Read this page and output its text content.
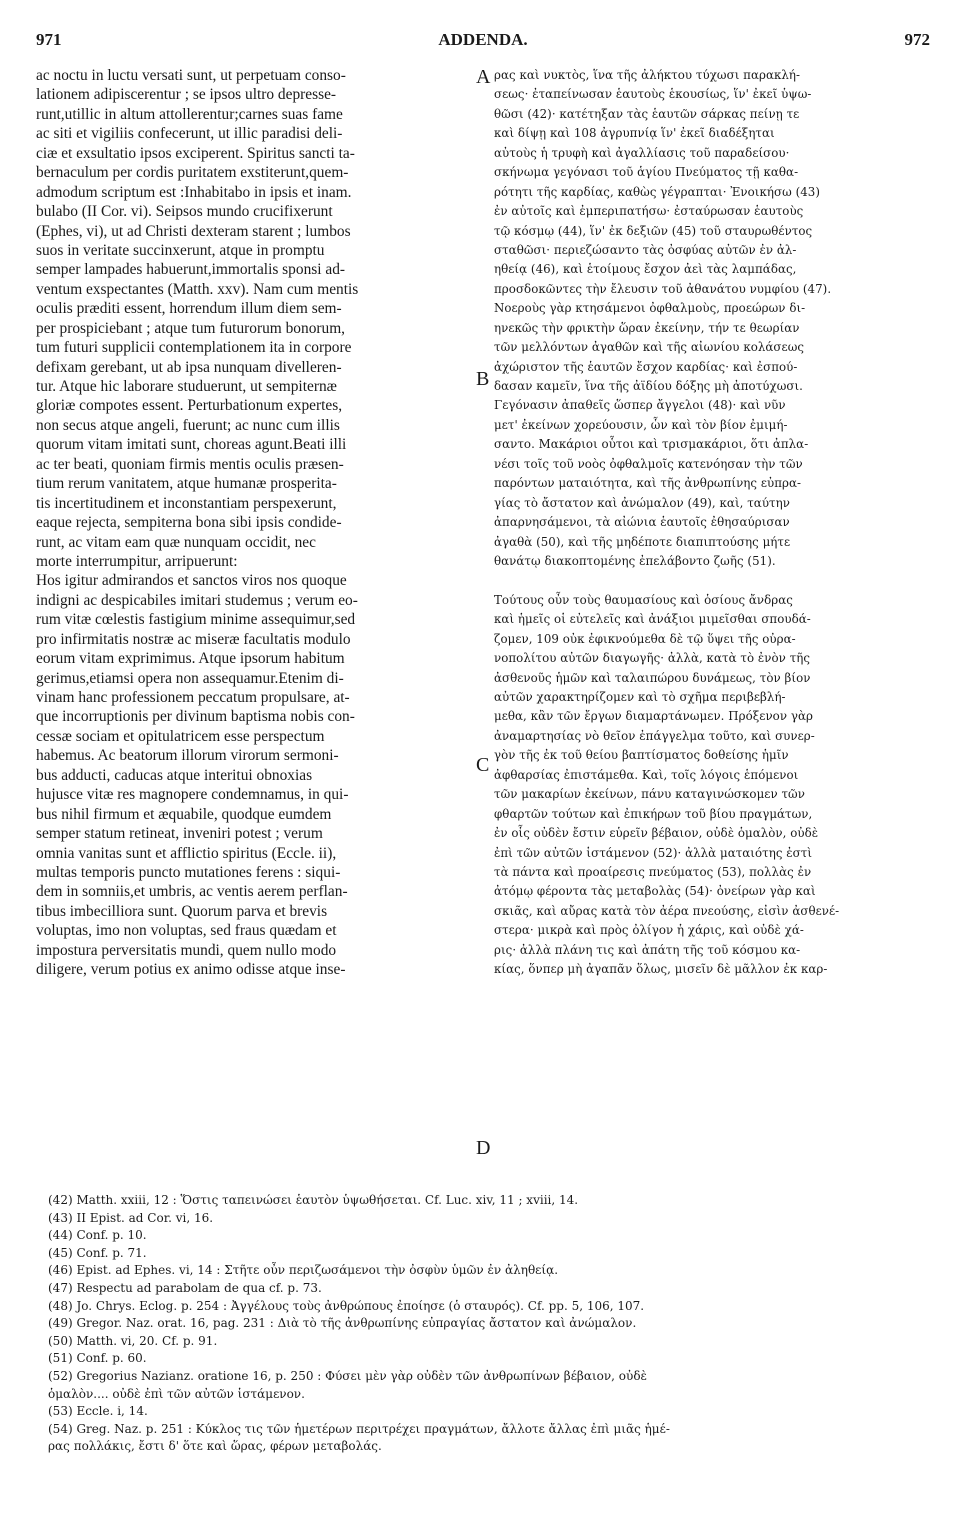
971	ADDENDA.	972
A
B
C
D
ac noctu in luctu versati sunt, ut perpetuam conso-
lationem adipiscerentur ; se ipsos ultro depresse-
runt,utillic in altum attollerentur;carnes suas fame
ac siti et vigiliis confecerunt, ut illic paradisi deli-
ciæ et exsultatio ipsos exciperent. Spiritus sancti ta-
bernaculum per cordis puritatem exstiterunt,quem-
admodum scriptum est :Inhabitabo in ipsis et inam.
bulabo (II Cor. vi). Seipsos mundo crucifixerunt
(Ephes, vi), ut ad Christi dexteram starent ; lumbos
suos in veritate succinxerunt, atque in promptu
semper lampades habuerunt,immortalis sponsi ad-
ventum exspectantes (Matth. xxv). Nam cum mentis
oculis præditi essent, horrendum illum diem sem-
per prospiciebant ; atque tum futurorum bonorum,
tum futuri supplicii contemplationem ita in corpore
defixam gerebant, ut ab ipsa nunquam divelleren-
tur. Atque hic laborare studuerunt, ut sempiternæ
gloriæ compotes essent. Perturbationum expertes,
non secus atque angeli, fuerunt; ac nunc cum illis
quorum vitam imitati sunt, choreas agunt.Beati illi
ac ter beati, quoniam firmis mentis oculis præsen-
tium rerum vanitatem, atque humanæ prosperita-
tis incertitudinem et inconstantiam perspexerunt,
eaque rejecta, sempiterna bona sibi ipsis condide-
runt, ac vitam eam quæ nunquam occidit, nec
morte interrumpitur, arripuerunt:
Hos igitur admirandos et sanctos viros nos quoque
indigni ac despicabiles imitari studemus ; verum eo-
rum vitæ cœlestis fastigium minime assequimur,sed
pro infirmitatis nostræ ac miseræ facultatis modulo
eorum vitam exprimimus. Atque ipsorum habitum
gerimus,etiamsi opera non assequamur.Etenim di-
vinam hanc professionem peccatum propulsare, at-
que incorruptionis per divinum baptisma nobis con-
cessæ sociam et opitulatricem esse perspectum
habemus. Ac beatorum illorum virorum sermoni-
bus adducti, caducas atque interitui obnoxias
hujusce vitæ res magnopere condemnamus, in qui-
bus nihil firmum et æquabile, quodque eumdem
semper statum retineat, inveniri potest ; verum
omnia vanitas sunt et afflictio spiritus (Eccle. ii),
multas temporis puncto mutationes ferens : siqui-
dem in somniis,et umbris, ac ventis aerem perflan-
tibus imbecilliora sunt. Quorum parva et brevis
voluptas, imo non voluptas, sed fraus quædam et
impostura perversitatis mundi, quem nullo modo
diligere, verum potius ex animo odisse atque inse-
ρας καὶ νυκτὸς, ἵνα τῆς ἀλήκτου τύχωσι παρακλή-
σεως· ἐταπείνωσαν ἑαυτοὺς ἑκουσίως, ἵν' ἐκεῖ ὑψω-
θῶσι (42)· κατέτηξαν τὰς ἑαυτῶν σάρκας πείνῃ τε
καὶ δίψῃ καὶ 108 ἀγρυπνίᾳ ἵν' ἐκεῖ διαδέξηται
αὐτοὺς ἡ τρυφὴ καὶ ἀγαλλίασις τοῦ παραδείσου·
σκήνωμα γεγόνασι τοῦ ἁγίου Πνεύματος τῇ καθα-
ρότητι τῆς καρδίας, καθὼς γέγραπται· Ἐνοικήσω (43)
ἐν αὐτοῖς καὶ ἐμπεριπατήσω· ἐσταύρωσαν ἑαυτοὺς
τῷ κόσμῳ (44), ἵν' ἐκ δεξιῶν (45) τοῦ σταυρωθέντος
σταθῶσι· περιεζώσαντο τὰς ὀσφύας αὐτῶν ἐν ἀλ-
ηθείᾳ (46), καὶ ἑτοίμους ἔσχον ἀεὶ τὰς λαμπάδας,
προσδοκῶντες τὴν ἔλευσιν τοῦ ἀθανάτου νυμφίου (47).
Νοεροὺς γὰρ κτησάμενοι ὀφθαλμοὺς, προεώρων δι-
ηνεκῶς τὴν φρικτὴν ὥραν ἐκείνην, τήν τε θεωρίαν
τῶν μελλόντων ἀγαθῶν καὶ τῆς αἰωνίου κολάσεως
ἀχώριστον τῆς ἑαυτῶν ἔσχον καρδίας· καὶ ἐσπού-
δασαν καμεῖν, ἵνα τῆς ἀϊδίου δόξης μὴ ἀποτύχωσι.
Γεγόνασιν ἀπαθεῖς ὥσπερ ἄγγελοι (48)· καὶ νῦν
μετ' ἐκείνων χορεύουσιν, ὧν καὶ τὸν βίον ἐμιμή-
σαντο. Μακάριοι οὗτοι καὶ τρισμακάριοι, ὅτι ἀπλα-
νέσι τοῖς τοῦ νοὸς ὀφθαλμοῖς κατενόησαν τὴν τῶν
παρόντων ματαιότητα, καὶ τῆς ἀνθρωπίνης εὐπρα-
γίας τὸ ἄστατον καὶ ἀνώμαλον (49), καὶ, ταύτην
ἀπαρνησάμενοι, τὰ αἰώνια ἑαυτοῖς ἐθησαύρισαν
ἀγαθὰ (50), καὶ τῆς μηδέποτε διαπιπτούσης μήτε
θανάτῳ διακοπτομένης ἐπελάβοντο ζωῆς (51).
Τούτους οὖν τοὺς θαυμασίους καὶ ὁσίους ἄνδρας
καὶ ἡμεῖς οἱ εὐτελεῖς καὶ ἀνάξιοι μιμεῖσθαι σπουδά-
ζομεν, 109 οὐκ ἐφικνούμεθα δὲ τῷ ὕψει τῆς οὐρα-
νοπολίτου αὐτῶν διαγωγῆς· ἀλλὰ, κατὰ τὸ ἐνὸν τῆς
ἀσθενοῦς ἡμῶν καὶ ταλαιπώρου δυνάμεως, τὸν βίον
αὐτῶν χαρακτηρίζομεν καὶ τὸ σχῆμα περιβεβλή-
μεθα, κἂν τῶν ἔργων διαμαρτάνωμεν. Πρόξενον γὰρ
ἀναμαρτησίας νὸ θεῖον ἐπάγγελμα τοῦτο, καὶ συνερ-
γὸν τῆς ἐκ τοῦ θείου βαπτίσματος δοθείσης ἡμῖν
ἀφθαρσίας ἐπιστάμεθα. Καὶ, τοῖς λόγοις ἑπόμενοι
τῶν μακαρίων ἐκείνων, πάνυ καταγινώσκομεν τῶν
φθαρτῶν τούτων καὶ ἐπικήρων τοῦ βίου πραγμάτων,
ἐν οἷς οὐδὲν ἔστιν εὑρεῖν βέβαιον, οὐδὲ ὁμαλὸν, οὐδὲ
ἐπὶ τῶν αὐτῶν ἱστάμενον (52)· ἀλλὰ ματαιότης ἐστὶ
τὰ πάντα καὶ προαίρεσις πνεύματος (53), πολλὰς ἐν
ἀτόμῳ φέροντα τὰς μεταβολὰς (54)· ὀνείρων γὰρ καὶ
σκιᾶς, καὶ αὔρας κατὰ τὸν ἀέρα πνεούσης, εἰσὶν ἀσθενέ-
στερα· μικρὰ καὶ πρὸς ὀλίγον ἡ χάρις, καὶ οὐδὲ χά-
ρις· ἀλλὰ πλάνη τις καὶ ἀπάτη τῆς τοῦ κόσμου κα-
κίας, ὅνπερ μὴ ἀγαπᾶν ὅλως, μισεῖν δὲ μᾶλλον ἐκ καρ-
(42) Matth. xxiii, 12 : Ὅστις ταπεινώσει ἑαυτὸν ὑψωθήσεται. Cf. Luc. xiv, 11 ; xviii, 14.
(43) II Epist. ad Cor. vi, 16.
(44) Conf. p. 10.
(45) Conf. p. 71.
(46) Epist. ad Ephes. vi, 14 : Στῆτε οὖν περιζωσάμενοι τὴν ὀσφὺν ὑμῶν ἐν ἀληθείᾳ.
(47) Respectu ad parabolam de qua cf. p. 73.
(48) Jo. Chrys. Eclog. p. 254 : Ἀγγέλους τοὺς ἀνθρώπους ἐποίησε (ὁ σταυρός). Cf. pp. 5, 106, 107.
(49) Gregor. Naz. orat. 16, pag. 231 : Διὰ τὸ τῆς ἀνθρωπίνης εὐπραγίας ἄστατον καὶ ἀνώμαλον.
(50) Matth. vi, 20. Cf. p. 91.
(51) Conf. p. 60.
(52) Gregorius Nazianz. oratione 16, p. 250 : Φύσει μὲν γὰρ οὐδὲν τῶν ἀνθρωπίνων βέβαιον, οὐδὲ
ὁμαλὸν.... οὐδὲ ἐπὶ τῶν αὐτῶν ἱστάμενον.
(53) Eccle. i, 14.
(54) Greg. Naz. p. 251 : Κύκλος τις τῶν ἡμετέρων περιτρέχει πραγμάτων, ἄλλοτε ἄλλας ἐπὶ μιᾶς ἡμέ-
ρας πολλάκις, ἔστι δ' ὅτε καὶ ὥρας, φέρων μεταβολάς.
